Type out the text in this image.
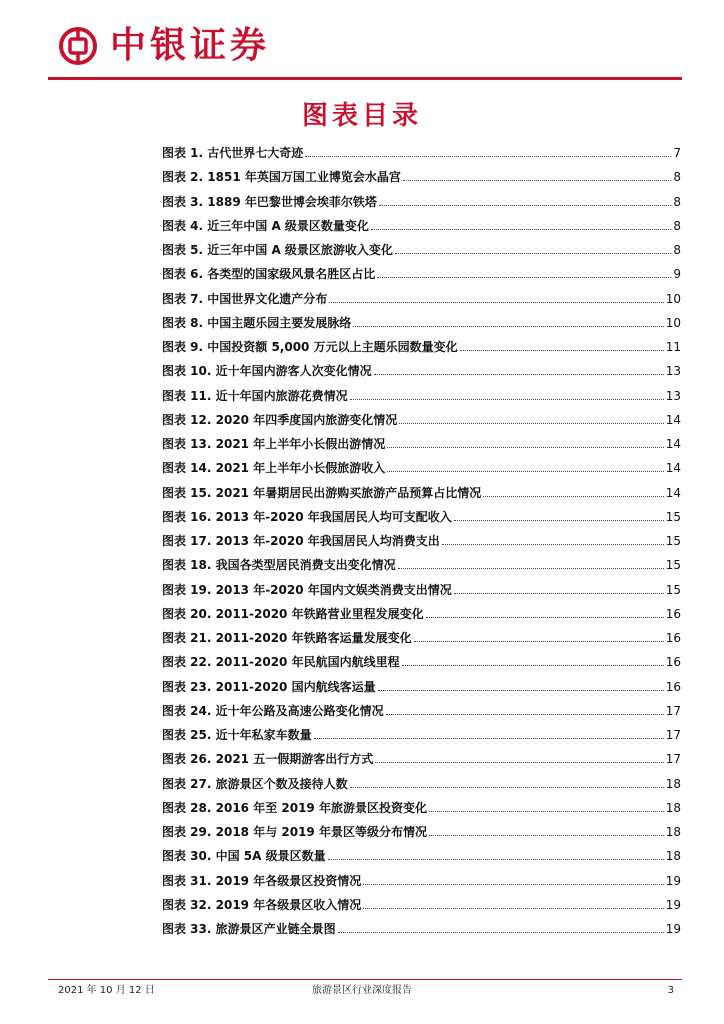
中银证券
图表目录
图表 1. 古代世界七大奇迹	7
图表 2. 1851 年英国万国工业博览会水晶宫	8
图表 3. 1889 年巴黎世博会埃菲尔铁塔	8
图表 4. 近三年中国 A 级景区数量变化	8
图表 5. 近三年中国 A 级景区旅游收入变化	8
图表 6. 各类型的国家级风景名胜区占比	9
图表 7. 中国世界文化遗产分布	10
图表 8. 中国主题乐园主要发展脉络	10
图表 9. 中国投资额 5,000 万元以上主题乐园数量变化	11
图表 10. 近十年国内游客人次变化情况	13
图表 11. 近十年国内旅游花费情况	13
图表 12. 2020 年四季度国内旅游变化情况	14
图表 13. 2021 年上半年小长假出游情况	14
图表 14. 2021 年上半年小长假旅游收入	14
图表 15. 2021 年暑期居民出游购买旅游产品预算占比情况	14
图表 16. 2013 年-2020 年我国居民人均可支配收入	15
图表 17. 2013 年-2020 年我国居民人均消费支出	15
图表 18. 我国各类型居民消费支出变化情况	15
图表 19. 2013 年-2020 年国内文娱类消费支出情况	15
图表 20. 2011-2020 年铁路营业里程发展变化	16
图表 21. 2011-2020 年铁路客运量发展变化	16
图表 22. 2011-2020 年民航国内航线里程	16
图表 23. 2011-2020 国内航线客运量	16
图表 24. 近十年公路及高速公路变化情况	17
图表 25. 近十年私家车数量	17
图表 26. 2021 五一假期游客出行方式	17
图表 27. 旅游景区个数及接待人数	18
图表 28. 2016 年至 2019 年旅游景区投资变化	18
图表 29. 2018 年与 2019 年景区等级分布情况	18
图表 30. 中国 5A 级景区数量	18
图表 31. 2019 年各级景区投资情况	19
图表 32. 2019 年各级景区收入情况	19
图表 33. 旅游景区产业链全景图	19
2021 年 10 月 12 日	旅游景区行业深度报告	3
